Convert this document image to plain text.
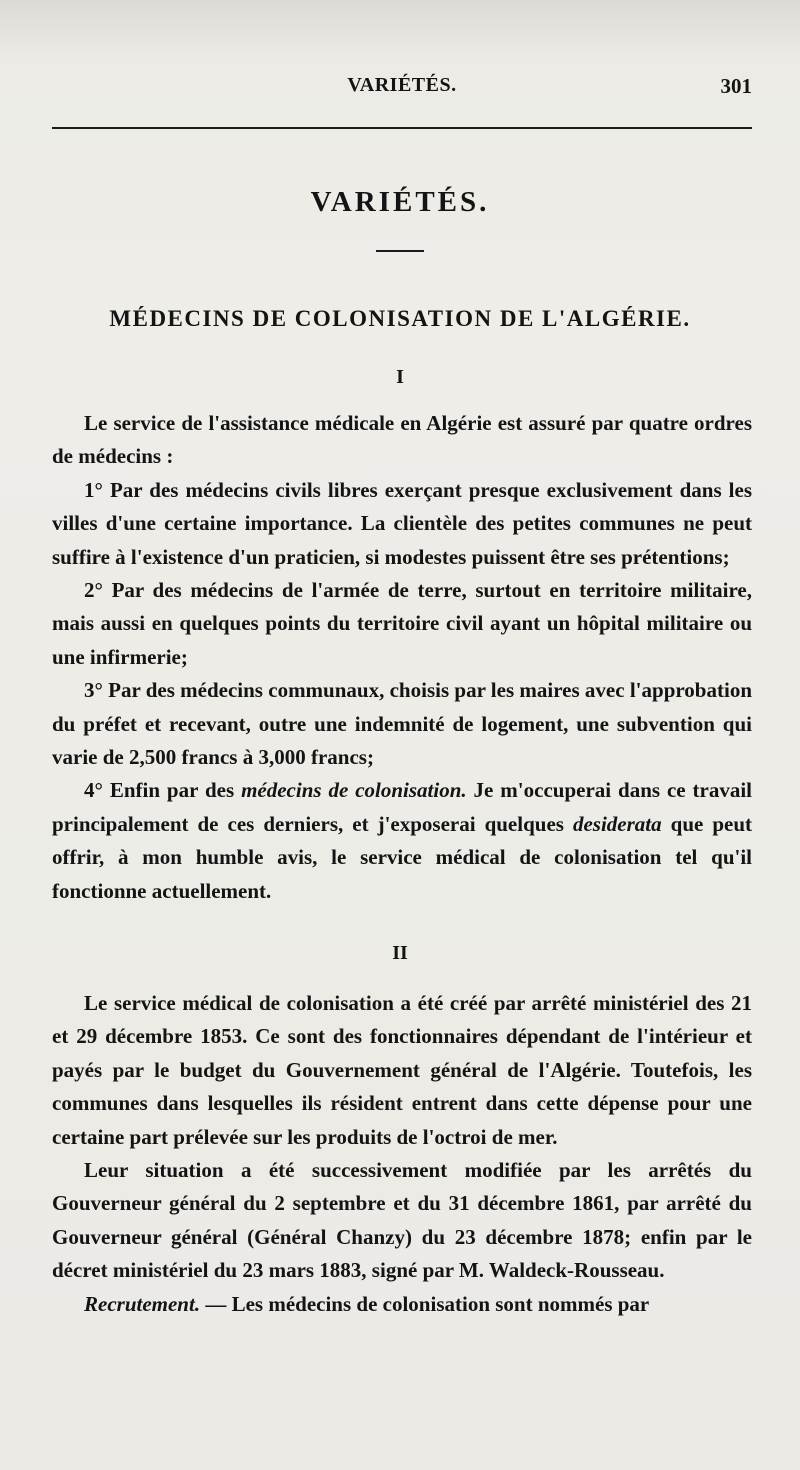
VARIÉTÉS.	301
VARIÉTÉS.
MÉDECINS DE COLONISATION DE L'ALGÉRIE.
I

Le service de l'assistance médicale en Algérie est assuré par quatre ordres de médecins :

1° Par des médecins civils libres exerçant presque exclusivement dans les villes d'une certaine importance. La clientèle des petites communes ne peut suffire à l'existence d'un praticien, si modestes puissent être ses prétentions;

2° Par des médecins de l'armée de terre, surtout en territoire militaire, mais aussi en quelques points du territoire civil ayant un hôpital militaire ou une infirmerie;

3° Par des médecins communaux, choisis par les maires avec l'approbation du préfet et recevant, outre une indemnité de logement, une subvention qui varie de 2,500 francs à 3,000 francs;

4° Enfin par des médecins de colonisation. Je m'occuperai dans ce travail principalement de ces derniers, et j'exposerai quelques desiderata que peut offrir, à mon humble avis, le service médical de colonisation tel qu'il fonctionne actuellement.

II

Le service médical de colonisation a été créé par arrêté ministériel des 21 et 29 décembre 1853. Ce sont des fonctionnaires dépendant de l'intérieur et payés par le budget du Gouvernement général de l'Algérie. Toutefois, les communes dans lesquelles ils résident entrent dans cette dépense pour une certaine part prélevée sur les produits de l'octroi de mer.

Leur situation a été successivement modifiée par les arrêtés du Gouverneur général du 2 septembre et du 31 décembre 1861, par arrêté du Gouverneur général (Général Chanzy) du 23 décembre 1878; enfin par le décret ministériel du 23 mars 1883, signé par M. Waldeck-Rousseau.

Recrutement. — Les médecins de colonisation sont nommés par
